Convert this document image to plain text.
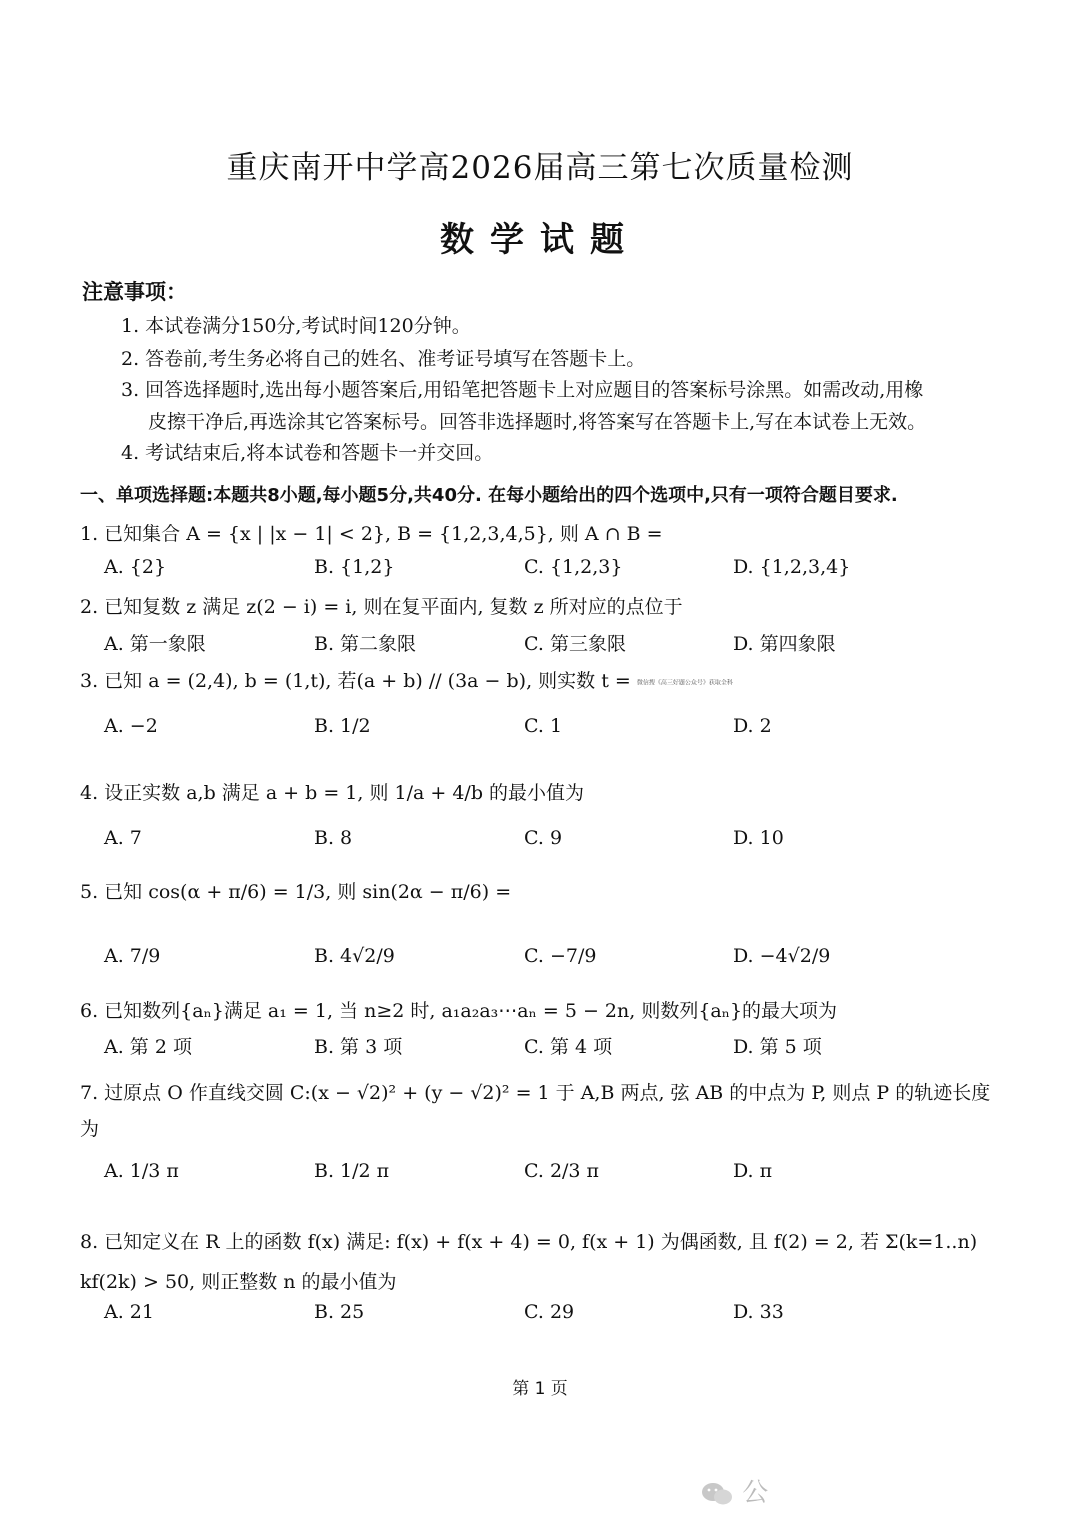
重庆南开中学高2026届高三第七次质量检测
数学试题
注意事项：
1. 本试卷满分150分,考试时间120分钟。
2. 答卷前,考生务必将自己的姓名、准考证号填写在答题卡上。
3. 回答选择题时,选出每小题答案后,用铅笔把答题卡上对应题目的答案标号涂黑。如需改动,用橡
皮擦干净后,再选涂其它答案标号。回答非选择题时,将答案写在答题卡上,写在本试卷上无效。
4. 考试结束后,将本试卷和答题卡一并交回。
一、单项选择题:本题共8小题,每小题5分,共40分. 在每小题给出的四个选项中,只有一项符合题目要求.
1. 已知集合 A = {x | |x − 1| < 2}, B = {1,2,3,4,5}, 则 A ∩ B =
A. {2}	B. {1,2}	C. {1,2,3}	D. {1,2,3,4}
2. 已知复数 z 满足 z(2 − i) = i, 则在复平面内, 复数 z 所对应的点位于
A. 第一象限	B. 第二象限	C. 第三象限	D. 第四象限
3. 已知 a = (2,4), b = (1,t), 若(a + b) // (3a − b), 则实数 t = 微信搜《高三好题公众号》获取全科
A. −2	B. 1/2	C. 1	D. 2
4. 设正实数 a,b 满足 a + b = 1, 则 1/a + 4/b 的最小值为
A. 7	B. 8	C. 9	D. 10
5. 已知 cos(α + π/6) = 1/3, 则 sin(2α − π/6) =
A. 7/9	B. 4√2/9	C. −7/9	D. −4√2/9
6. 已知数列{aₙ}满足 a₁ = 1, 当 n≥2 时, a₁a₂a₃⋯aₙ = 5 − 2n, 则数列{aₙ}的最大项为
A. 第 2 项	B. 第 3 项	C. 第 4 项	D. 第 5 项
7. 过原点 O 作直线交圆 C:(x − √2)² + (y − √2)² = 1 于 A,B 两点, 弦 AB 的中点为 P, 则点 P 的轨迹长度为
A. 1/3 π	B. 1/2 π	C. 2/3 π	D. π
8. 已知定义在 R 上的函数 f(x) 满足: f(x) + f(x + 4) = 0, f(x + 1) 为偶函数, 且 f(2) = 2, 若 Σ(k=1..n) kf(2k) > 50, 则正整数 n 的最小值为
A. 21	B. 25	C. 29	D. 33
第 1 页
公
